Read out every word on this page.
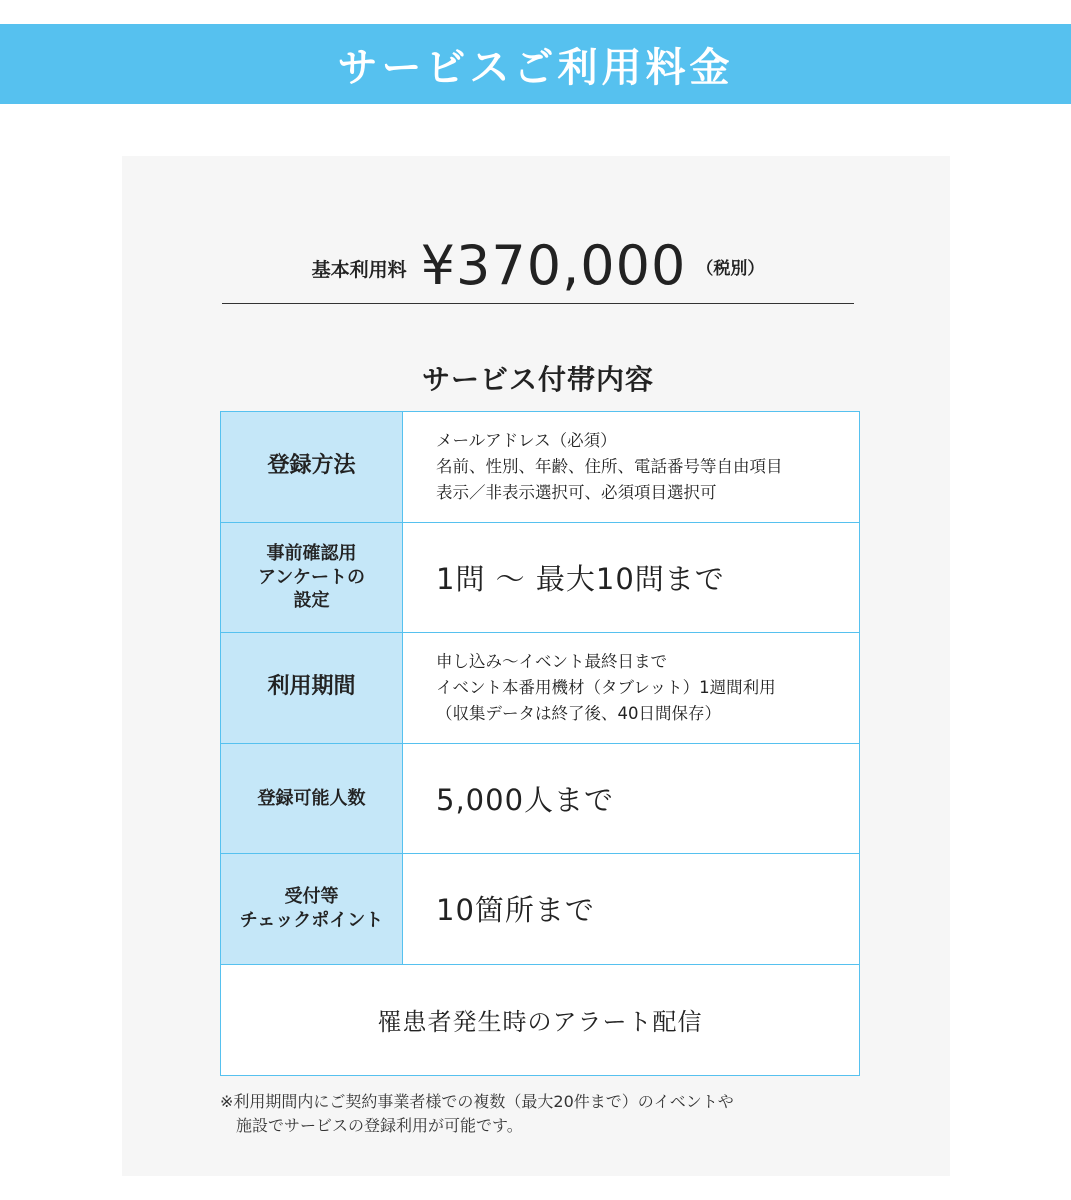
サービスご利用料金
基本利用料 ¥370,000 （税別）
サービス付帯内容
登録方法
メールアドレス（必須）
名前、性別、年齢、住所、電話番号等自由項目
表示／非表示選択可、必須項目選択可
事前確認用
アンケートの
設定
1問 ～ 最大10問まで
利用期間
申し込み～イベント最終日まで
イベント本番用機材（タブレット）1週間利用
（収集データは終了後、40日間保存）
登録可能人数	5,000人まで
受付等
チェックポイント 10箇所まで
罹患者発生時のアラート配信
※利用期間内にご契約事業者様での複数（最大20件まで）のイベントや
施設でサービスの登録利用が可能です。
